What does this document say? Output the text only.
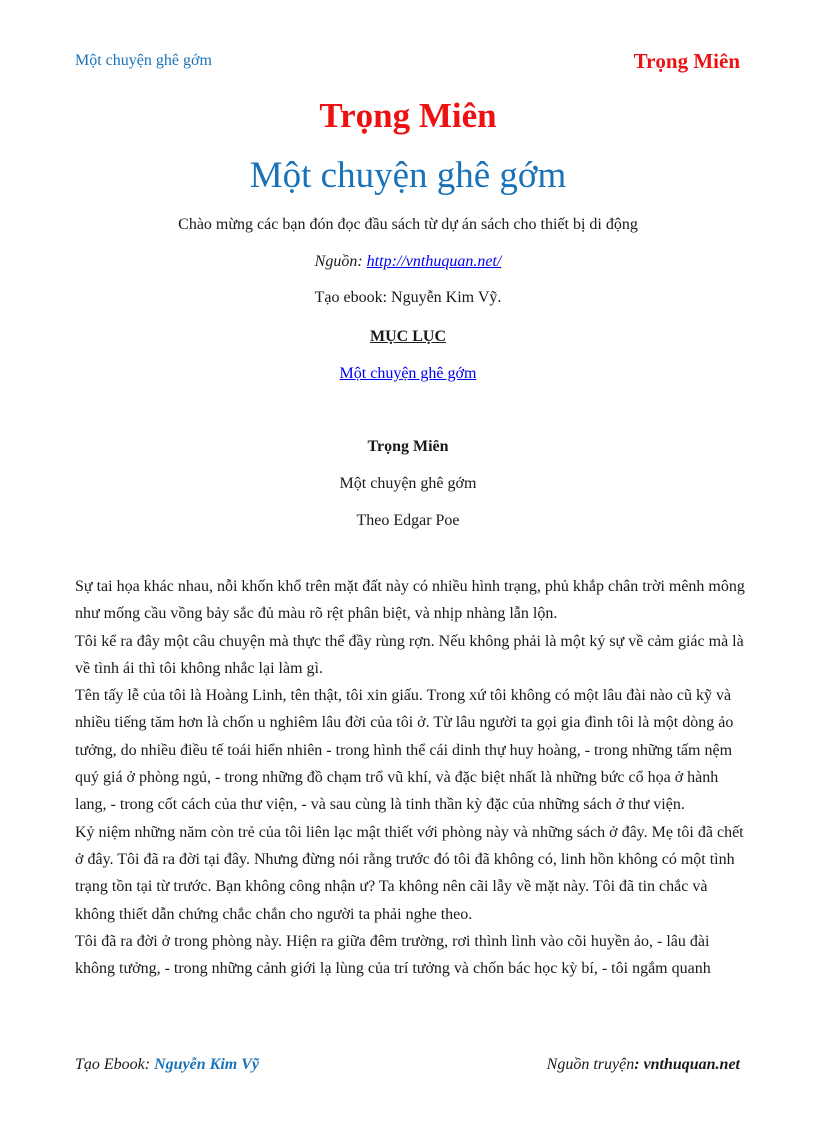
Một chuyện ghê gớm	Trọng Miên
Trọng Miên
Một chuyện ghê gớm
Chào mừng các bạn đón đọc đầu sách từ dự án sách cho thiết bị di động
Nguồn: http://vnthuquan.net/
Tạo ebook: Nguyễn Kim Vỹ.
MỤC LỤC
Một chuyện ghê gớm
Trọng Miên
Một chuyện ghê gớm
Theo Edgar Poe

Sự tai họa khác nhau, nỗi khốn khổ trên mặt đất này có nhiều hình trạng, phủ khắp chân trời mênh mông như mống cầu vồng bảy sắc đủ màu rõ rệt phân biệt, và nhịp nhàng lẫn lộn.

Tôi kể ra đây một câu chuyện mà thực thể đầy rùng rợn. Nếu không phải là một ký sự về cảm giác mà là về tình ái thì tôi không nhắc lại làm gì.

Tên tấy lễ của tôi là Hoàng Linh, tên thật, tôi xin giấu. Trong xứ tôi không có một lâu đài nào cũ kỹ và nhiều tiếng tăm hơn là chốn u nghiêm lâu đời của tôi ở. Từ lâu người ta gọi gia đình tôi là một dòng ảo tưởng, do nhiều điều tế toái hiển nhiên - trong hình thể cái dinh thự huy hoàng, - trong những tấm nệm quý giá ở phòng ngủ, - trong những đồ chạm trổ vũ khí, và đặc biệt nhất là những bức cổ họa ở hành lang, - trong cốt cách của thư viện, - và sau cùng là tinh thần kỳ đặc của những sách ở thư viện.

Kỷ niệm những năm còn trẻ của tôi liên lạc mật thiết với phòng này và những sách ở đây. Mẹ tôi đã chết ở đây. Tôi đã ra đời tại đây. Nhưng đừng nói rằng trước đó tôi đã không có, linh hồn không có một tình trạng tồn tại từ trước. Bạn không công nhận ư? Ta không nên cãi lẫy về mặt này. Tôi đã tin chắc và không thiết dẫn chứng chắc chắn cho người ta phải nghe theo.

Tôi đã ra đời ở trong phòng này. Hiện ra giữa đêm trường, rơi thình lình vào cõi huyền ảo, - lâu đài không tưởng, - trong những cảnh giới lạ lùng của trí tưởng và chốn bác học kỳ bí, - tôi ngắm quanh

Tạo Ebook: Nguyễn Kim Vỹ	Nguồn truyện: vnthuquan.net
